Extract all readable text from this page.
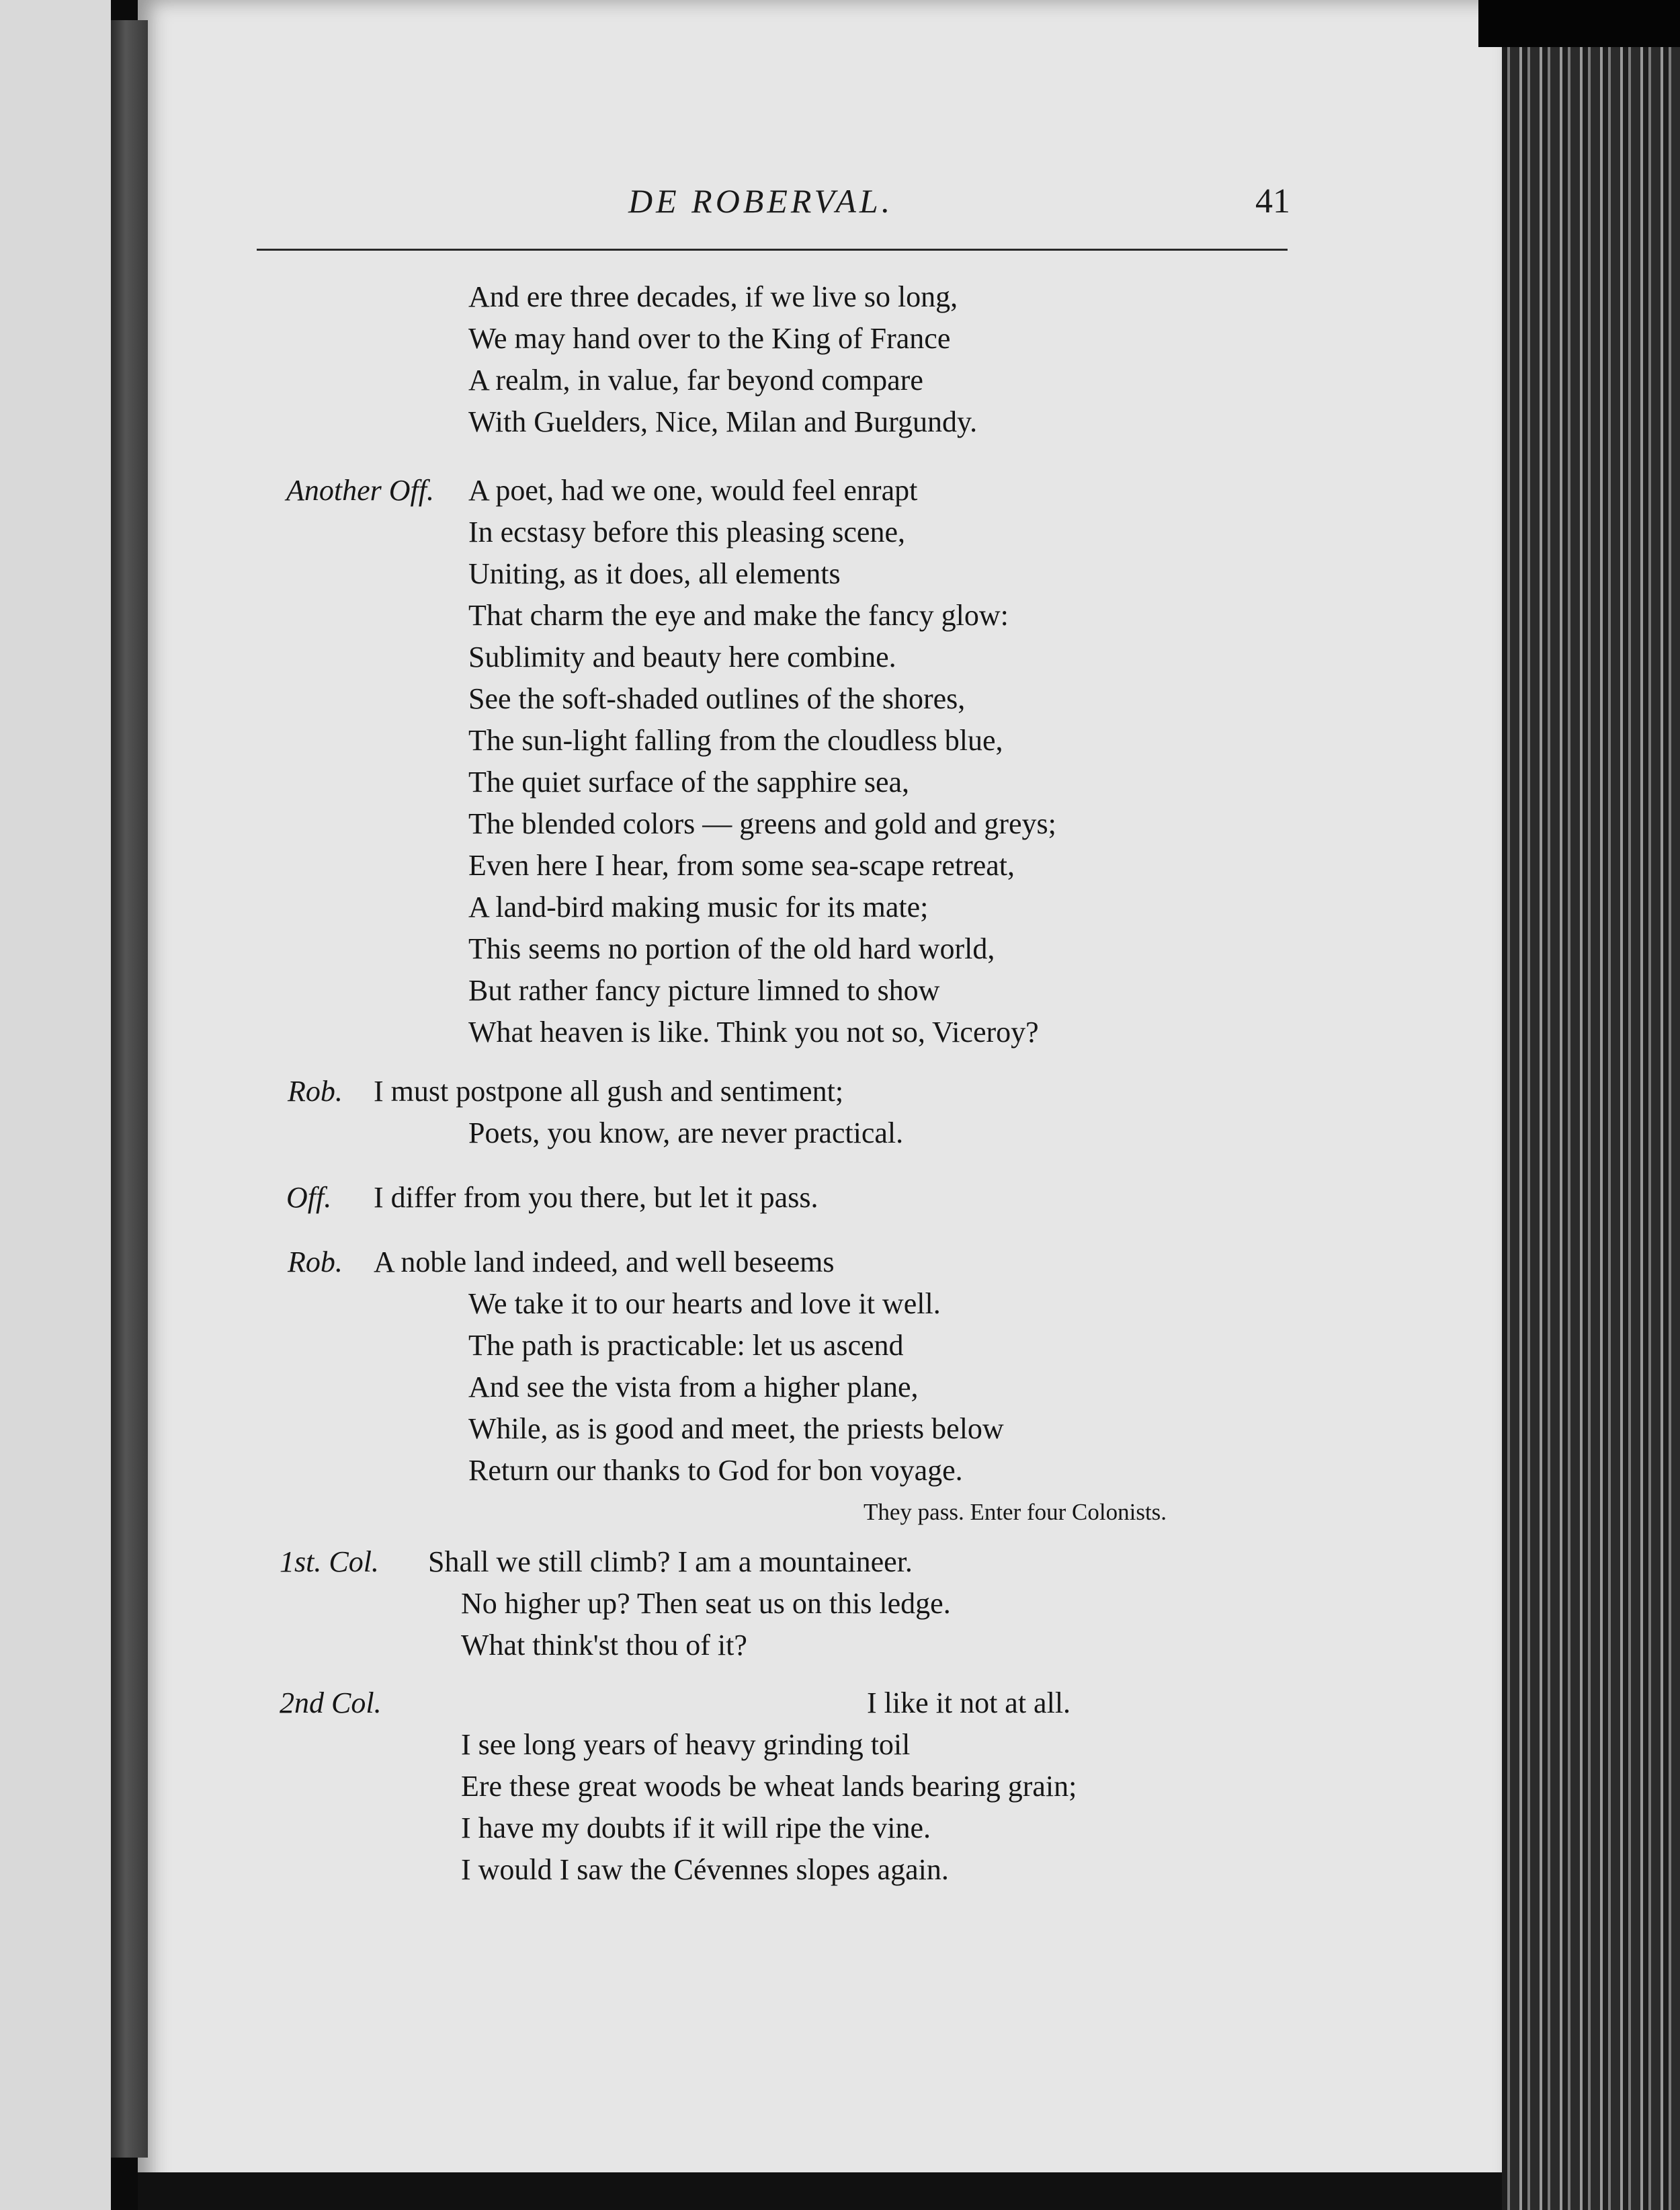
DE ROBERVAL.	41
And ere three decades, if we live so long,
We may hand over to the King of France
A realm, in value, far beyond compare
With Guelders, Nice, Milan and Burgundy.
Another Off. A poet, had we one, would feel enrapt
In ecstasy before this pleasing scene,
Uniting, as it does, all elements
That charm the eye and make the fancy glow:
Sublimity and beauty here combine.
See the soft-shaded outlines of the shores,
The sun-light falling from the cloudless blue,
The quiet surface of the sapphire sea,
The blended colors — greens and gold and greys;
Even here I hear, from some sea-scape retreat,
A land-bird making music for its mate;
This seems no portion of the old hard world,
But rather fancy picture limned to show
What heaven is like. Think you not so, Viceroy?
Rob. I must postpone all gush and sentiment;
Poets, you know, are never practical.
Off. I differ from you there, but let it pass.
Rob. A noble land indeed, and well beseems
We take it to our hearts and love it well.
The path is practicable: let us ascend
And see the vista from a higher plane,
While, as is good and meet, the priests below
Return our thanks to God for bon voyage.
They pass. Enter four Colonists.
1st. Col. Shall we still climb? I am a mountaineer.
No higher up? Then seat us on this ledge.
What think'st thou of it?
2nd Col.	I like it not at all.
I see long years of heavy grinding toil
Ere these great woods be wheat lands bearing grain;
I have my doubts if it will ripe the vine.
I would I saw the Cévennes slopes again.
